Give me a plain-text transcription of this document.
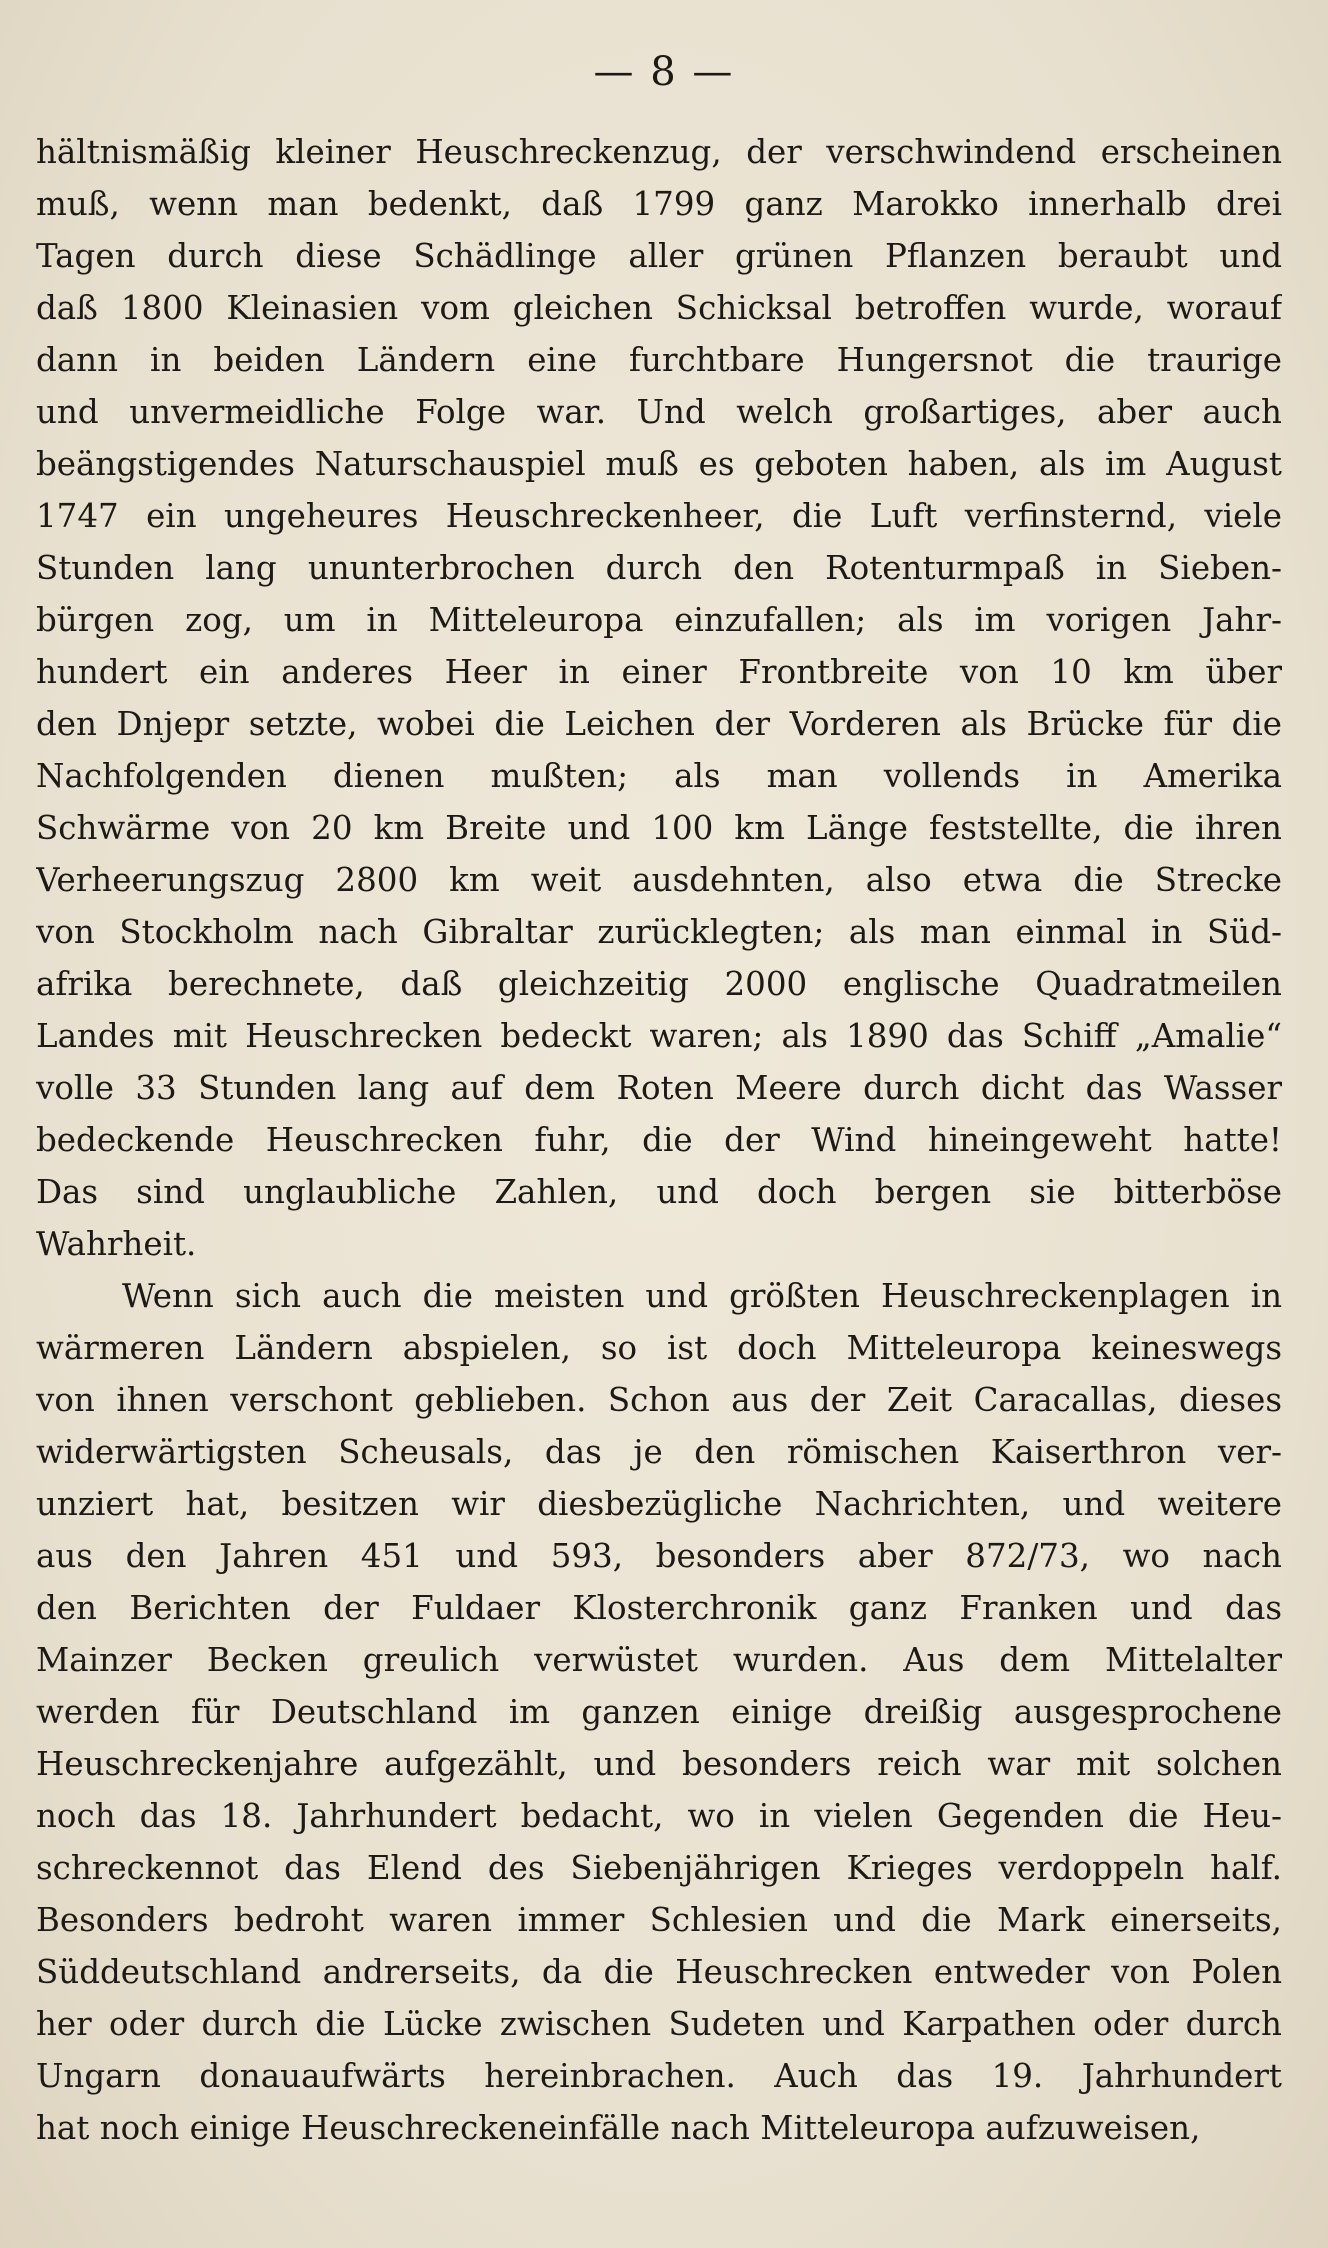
— 8 —
hältnismäßig kleiner Heuschreckenzug, der verschwindend erscheinen
muß, wenn man bedenkt, daß 1799 ganz Marokko innerhalb drei
Tagen durch diese Schädlinge aller grünen Pflanzen beraubt und
daß 1800 Kleinasien vom gleichen Schicksal betroffen wurde, worauf
dann in beiden Ländern eine furchtbare Hungersnot die traurige
und unvermeidliche Folge war. Und welch großartiges, aber auch
beängstigendes Naturschauspiel muß es geboten haben, als im August
1747 ein ungeheures Heuschreckenheer, die Luft verfinsternd, viele
Stunden lang ununterbrochen durch den Rotenturmpaß in Sieben-
bürgen zog, um in Mitteleuropa einzufallen; als im vorigen Jahr-
hundert ein anderes Heer in einer Frontbreite von 10 km über
den Dnjepr setzte, wobei die Leichen der Vorderen als Brücke für die
Nachfolgenden dienen mußten; als man vollends in Amerika
Schwärme von 20 km Breite und 100 km Länge feststellte, die ihren
Verheerungszug 2800 km weit ausdehnten, also etwa die Strecke
von Stockholm nach Gibraltar zurücklegten; als man einmal in Süd-
afrika berechnete, daß gleichzeitig 2000 englische Quadratmeilen
Landes mit Heuschrecken bedeckt waren; als 1890 das Schiff „Amalie“
volle 33 Stunden lang auf dem Roten Meere durch dicht das Wasser
bedeckende Heuschrecken fuhr, die der Wind hineingeweht hatte!
Das sind unglaubliche Zahlen, und doch bergen sie bitterböse
Wahrheit.
Wenn sich auch die meisten und größten Heuschreckenplagen in
wärmeren Ländern abspielen, so ist doch Mitteleuropa keineswegs
von ihnen verschont geblieben. Schon aus der Zeit Caracallas, dieses
widerwärtigsten Scheusals, das je den römischen Kaiserthron ver-
unziert hat, besitzen wir diesbezügliche Nachrichten, und weitere
aus den Jahren 451 und 593, besonders aber 872/73, wo nach
den Berichten der Fuldaer Klosterchronik ganz Franken und das
Mainzer Becken greulich verwüstet wurden. Aus dem Mittelalter
werden für Deutschland im ganzen einige dreißig ausgesprochene
Heuschreckenjahre aufgezählt, und besonders reich war mit solchen
noch das 18. Jahrhundert bedacht, wo in vielen Gegenden die Heu-
schreckennot das Elend des Siebenjährigen Krieges verdoppeln half.
Besonders bedroht waren immer Schlesien und die Mark einerseits,
Süddeutschland andrerseits, da die Heuschrecken entweder von Polen
her oder durch die Lücke zwischen Sudeten und Karpathen oder durch
Ungarn donauaufwärts hereinbrachen. Auch das 19. Jahrhundert
hat noch einige Heuschreckeneinfälle nach Mitteleuropa aufzuweisen,
